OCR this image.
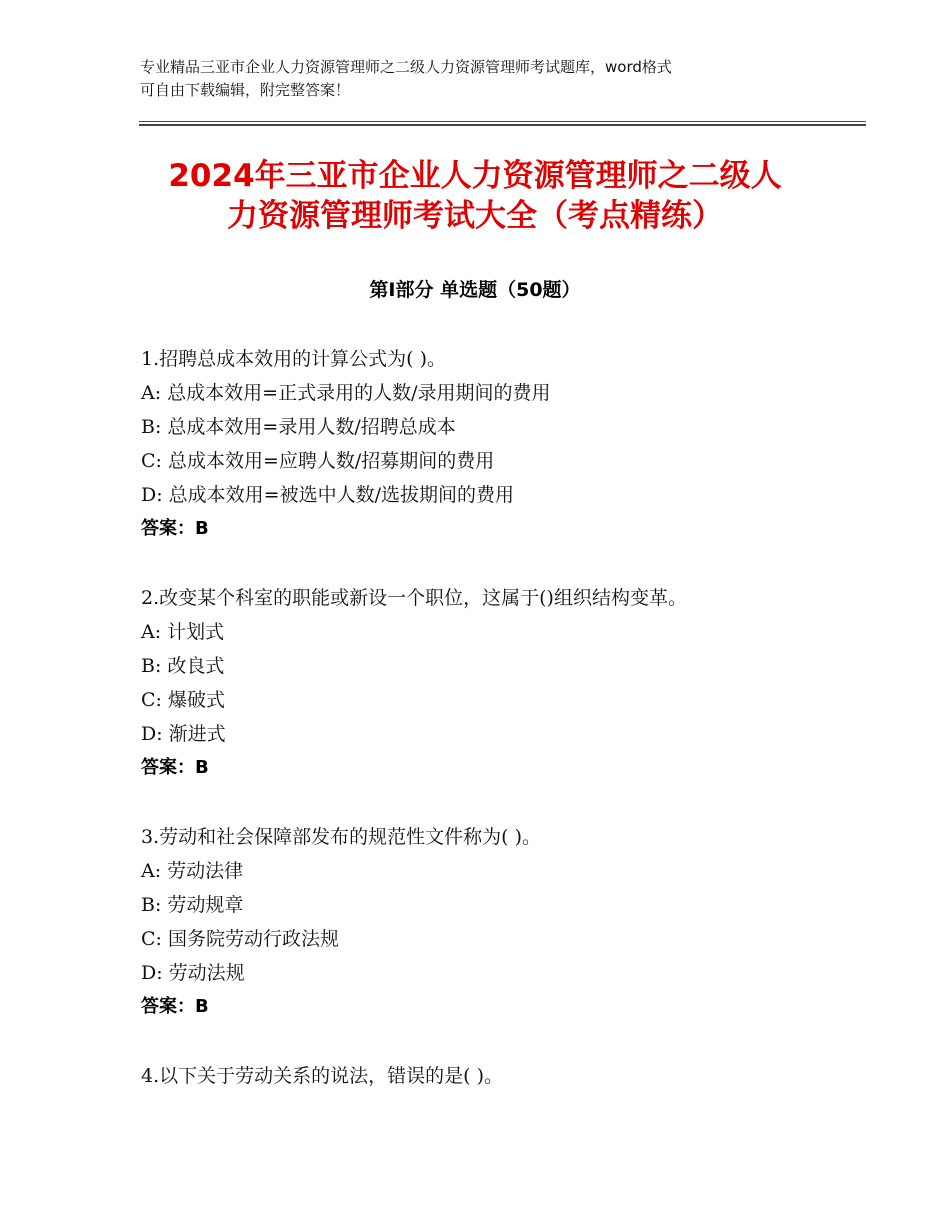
专业精品三亚市企业人力资源管理师之二级人力资源管理师考试题库，word格式
可自由下载编辑，附完整答案！
2024年三亚市企业人力资源管理师之二级人
力资源管理师考试大全（考点精练）
第Ⅰ部分 单选题（50题）
1.招聘总成本效用的计算公式为( )。
A: 总成本效用=正式录用的人数/录用期间的费用
B: 总成本效用=录用人数/招聘总成本
C: 总成本效用=应聘人数/招募期间的费用
D: 总成本效用=被选中人数/选拔期间的费用
答案：B
2.改变某个科室的职能或新设一个职位，这属于()组织结构变革。
A: 计划式
B: 改良式
C: 爆破式
D: 渐进式
答案：B
3.劳动和社会保障部发布的规范性文件称为( )。
A: 劳动法律
B: 劳动规章
C: 国务院劳动行政法规
D: 劳动法规
答案：B
4.以下关于劳动关系的说法，错误的是( )。
